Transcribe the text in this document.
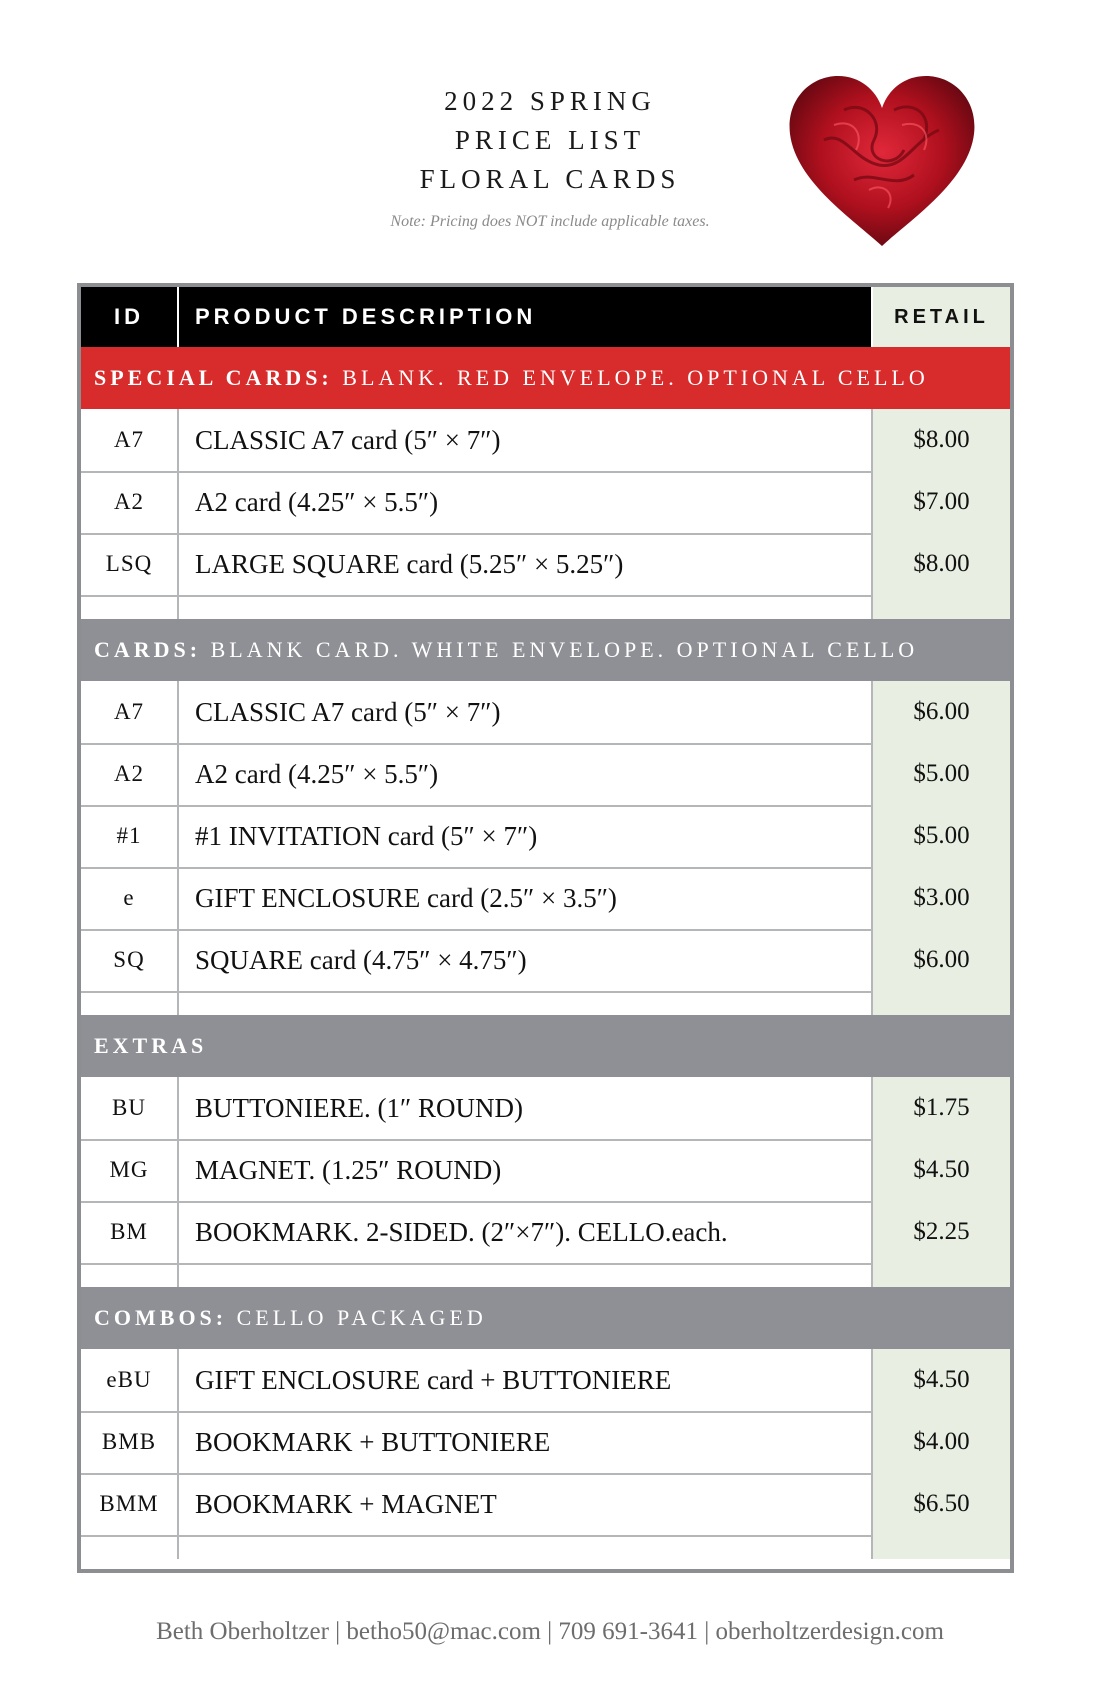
2022 SPRING
PRICE LIST
FLORAL CARDS
Note: Pricing does NOT include applicable taxes.
ID	PRODUCT DESCRIPTION	RETAIL
SPECIAL CARDS: BLANK. RED ENVELOPE. OPTIONAL CELLO
A7	CLASSIC A7 card (5″ × 7″)	$8.00
A2	A2 card (4.25″ × 5.5″)	$7.00
LSQ	LARGE SQUARE card (5.25″ × 5.25″)	$8.00
CARDS: BLANK CARD. WHITE ENVELOPE. OPTIONAL CELLO
A7	CLASSIC A7 card (5″ × 7″)	$6.00
A2	A2 card (4.25″ × 5.5″)	$5.00
#1	#1 INVITATION card (5″ × 7″)	$5.00
e	GIFT ENCLOSURE card (2.5″ × 3.5″)	$3.00
SQ	SQUARE card (4.75″ × 4.75″)	$6.00
EXTRAS
BU	BUTTONIERE. (1″ ROUND)	$1.75
MG	MAGNET. (1.25″ ROUND)	$4.50
BM	BOOKMARK. 2-SIDED. (2″×7″). CELLO.each.	$2.25
COMBOS: CELLO PACKAGED
eBU	GIFT ENCLOSURE card + BUTTONIERE	$4.50
BMB	BOOKMARK + BUTTONIERE	$4.00
BMM	BOOKMARK + MAGNET	$6.50
Beth Oberholtzer | betho50@mac.com | 709 691-3641 | oberholtzerdesign.com
